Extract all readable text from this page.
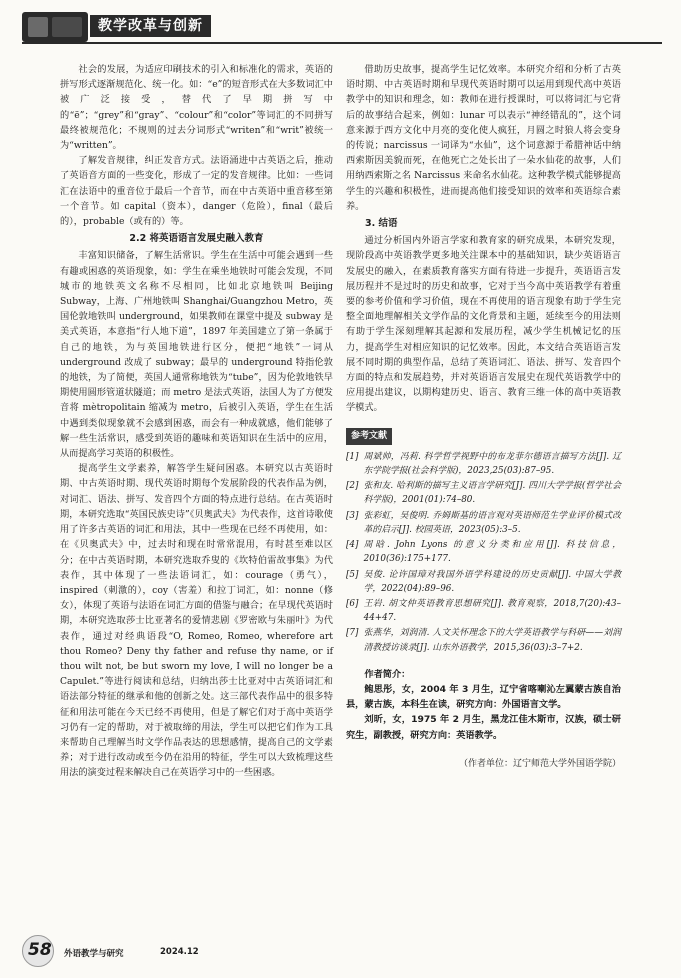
教学改革与创新

社会的发展，为适应印刷技术的引入和标准化的需求，英语的拼写形式逐渐规范化、统一化。如：“e”的短音形式在大多数词汇中被广泛接受，替代了早期拼写中的“ë”；“grey”和“gray”、“colour”和“color”等词汇的不同拼写最终被规范化；不规则的过去分词形式“writen”和“writ”被统一为“written”。

了解发音规律，纠正发音方式。法语涌进中古英语之后，推动了英语音方面的一些变化，形成了一定的发音规律。比如：一些词汇在法语中的重音位于最后一个音节，而在中古英语中重音移至第一个音节。如 capital（资本），danger（危险），final（最后的），probable（或有的）等。

2.2 将英语语言发展史融入教育

丰富知识储备，了解生活常识。学生在生活中可能会遇到一些有趣或困惑的英语现象，如：学生在乘坐地铁时可能会发现，不同城市的地铁英文名称不尽相同，比如北京地铁叫 Beijing Subway，上海、广州地铁叫 Shanghai/Guangzhou Metro，英国伦敦地铁叫 underground，如果教师在课堂中提及 subway 是美式英语，本意指“行人地下道”，1897 年美国建立了第一条属于自己的地铁，为与英国地铁进行区分，便把“地铁”一词从 underground 改成了 subway；最早的 underground 特指伦敦的地铁，为了简便，英国人通常称地铁为“tube”，因为伦敦地铁早期使用圆形管道状隧道；而 metro 是法式英语，法国人为了方便发音将 mètropolitain 缩减为 metro，后被引入英语，学生在生活中遇到类似现象就不会感到困惑，而会有一种成就感，他们能够了解一些生活常识，感受到英语的趣味和英语知识在生活中的应用，从而提高学习英语的积极性。

提高学生文学素养，解答学生疑问困惑。本研究以古英语时期、中古英语时期、现代英语时期每个发展阶段的代表作品为例，对词汇、语法、拼写、发音四个方面的特点进行总结。在古英语时期，本研究选取“英国民族史诗”《贝奥武夫》为代表作，这首诗歌使用了许多古英语的词汇和用法，其中一些现在已经不再使用，如：在《贝奥武夫》中，过去时和现在时常常混用，有时甚至难以区分；在中古英语时期，本研究选取乔叟的《坎特伯雷故事集》为代表作，其中体现了一些法语词汇，如：courage（勇气），inspired（刺激的），coy（害羞）和拉丁词汇，如：nonne（修女），体现了英语与法语在词汇方面的借鉴与融合；在早现代英语时期，本研究选取莎士比亚著名的爱情悲剧《罗密欧与朱丽叶》为代表作，通过对经典语段“O, Romeo, Romeo, wherefore art thou Romeo? Deny thy father and refuse thy name, or if thou wilt not, be but sworn my love, I will no longer be a Capulet.”等进行阅读和总结，归纳出莎士比亚对中古英语词汇和语法部分特征的继承和他的创新之处。这三部代表作品中的很多特征和用法可能在今天已经不再使用，但是了解它们对于高中英语学习仍有一定的帮助，对于被取缔的用法，学生可以把它们作为工具来帮助自己理解当时文学作品表达的思想感情，提高自己的文学素养；对于进行改动或至今仍在沿用的特征，学生可以大致梳理这些用法的演变过程来解决自己在英语学习中的一些困惑。

借助历史故事，提高学生记忆效率。本研究介绍和分析了古英语时期、中古英语时期和早现代英语时期可以运用到现代高中英语教学中的知识和理念，如：教师在进行授课时，可以将词汇与它背后的故事结合起来，例如：lunar 可以表示“神经错乱的”，这个词意来源于西方文化中月亮的变化使人疯狂，月圆之时狼人将会变身的传说；narcissus 一词译为“水仙”，这个词意源于希腊神话中纳西索斯因美貌而死，在他死亡之处长出了一朵水仙花的故事，人们用纳西索斯之名 Narcissus 来命名水仙花。这种教学模式能够提高学生的兴趣和积极性，进而提高他们接受知识的效率和英语综合素养。

3. 结语

通过分析国内外语言学家和教育家的研究成果，本研究发现，现阶段高中英语教学更多地关注课本中的基础知识，缺少英语语言发展史的融入，在素质教育落实方面有待进一步提升，英语语言发展历程并不是过时的历史和故事，它对于当今高中英语教学有着重要的参考价值和学习价值，现在不再使用的语言现象有助于学生完整全面地理解相关文学作品的文化背景和主题，延续至今的用法则有助于学生深刻理解其起源和发展历程，减少学生机械记忆的压力，提高学生对相应知识的记忆效率。因此，本文结合英语语言发展不同时期的典型作品，总结了英语词汇、语法、拼写、发音四个方面的特点和发展趋势，并对英语语言发展史在现代英语教学中的应用提出建议，以期构建历史、语言、教育三维一体的高中英语教学模式。

参考文献
[1] 周斌帅，冯莉. 科学哲学视野中的布龙菲尔德语言描写方法[J]. 辽东学院学报(社会科学版)，2023,25(03):87–95.
[2] 张和友. 哈利斯的描写主义语言学研究[J]. 四川大学学报(哲学社会科学版)，2001(01):74–80.
[3] 张彩虹，吴俊明. 乔姆斯基的语言观对英语师范生学业评价模式改革的启示[J]. 校园英语，2023(05):3–5.
[4] 周晗. John Lyons 的意义分类和应用[J]. 科技信息，2010(36):175+177.
[5] 吴俊. 论许国璋对我国外语学科建设的历史贡献[J]. 中国大学教学，2022(04):89–96.
[6] 王岩. 胡文仲英语教育思想研究[J]. 教育观察，2018,7(20):43–44+47.
[7] 张燕华，刘润清. 人文关怀理念下的大学英语教学与科研——刘润清教授访谈录[J]. 山东外语教学，2015,36(03):3–7+2.
作者简介：

鲍思彤，女，2004 年 3 月生，辽宁省喀喇沁左翼蒙古族自治县，蒙古族，本科生在读，研究方向：外国语言文学。

刘昕，女，1975 年 2 月生，黑龙江佳木斯市，汉族，硕士研究生，副教授，研究方向：英语教学。

（作者单位：辽宁师范大学外国语学院）
58 外语教学与研究	2024.12
